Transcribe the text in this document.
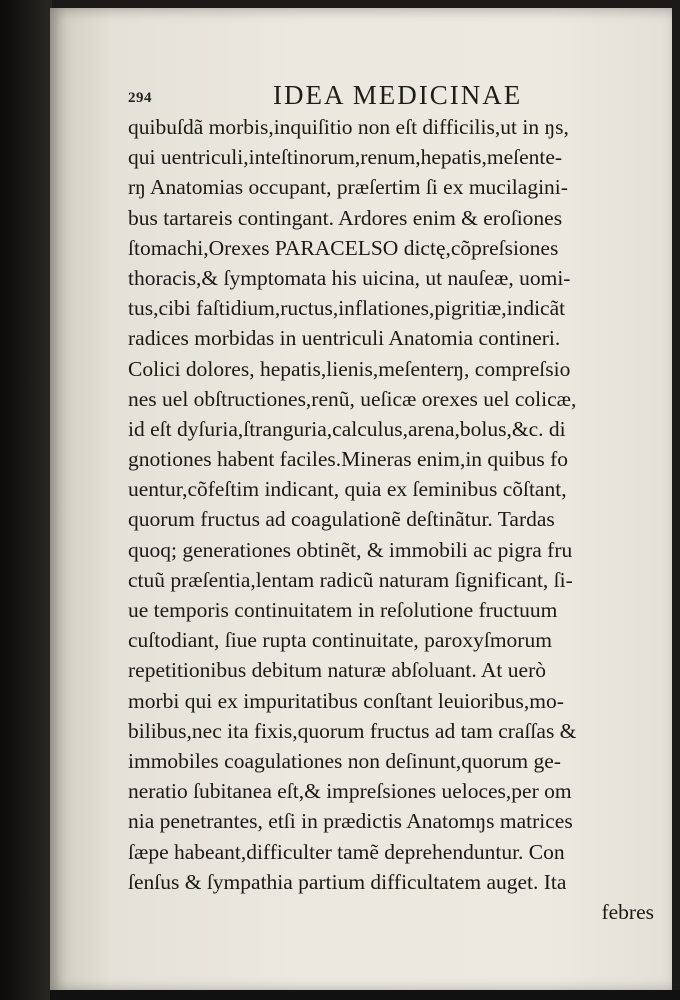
294	IDEA MEDICINAE
quibuſdã morbis,inquiſitio non eſt difficilis,ut in ŋs,
qui uentriculi,inteſtinorum,renum,hepatis,meſente-
rŋ Anatomias occupant, præſertim ſi ex mucilagini-
bus tartareis contingant. Ardores enim & eroſiones
ſtomachi,Orexes PARACELSO dictę,cõpreſsiones
thoracis,& ſymptomata his uicina, ut nauſeæ, uomi-
tus,cibi faſtidium,ructus,inflationes,pigritiæ,indicãt
radices morbidas in uentriculi Anatomia contineri.
Colici dolores, hepatis,lienis,meſenterŋ, compreſsio
nes uel obſtructiones,renũ, ueſicæ orexes uel colicæ,
id eſt dyſuria,ſtranguria,calculus,arena,bolus,&c. di
gnotiones habent faciles.Mineras enim,in quibus fo
uentur,cõfeſtim indicant, quia ex ſeminibus cõſtant,
quorum fructus ad coagulationẽ deſtinãtur. Tardas
quoq; generationes obtinẽt, & immobili ac pigra fru
ctuũ præſentia,lentam radicũ naturam ſignificant, ſi-
ue temporis continuitatem in reſolutione fructuum
cuſtodiant, ſiue rupta continuitate, paroxyſmorum
repetitionibus debitum naturæ abſoluant. At uerò
morbi qui ex impuritatibus conſtant leuioribus,mo-
bilibus,nec ita fixis,quorum fructus ad tam craſſas &
immobiles coagulationes non deſinunt,quorum ge-
neratio ſubitanea eſt,& impreſsiones ueloces,per om
nia penetrantes, etſi in prædictis Anatomŋs matrices
ſæpe habeant,difficulter tamẽ deprehenduntur. Con
ſenſus & ſympathia partium difficultatem auget. Ita
febres
